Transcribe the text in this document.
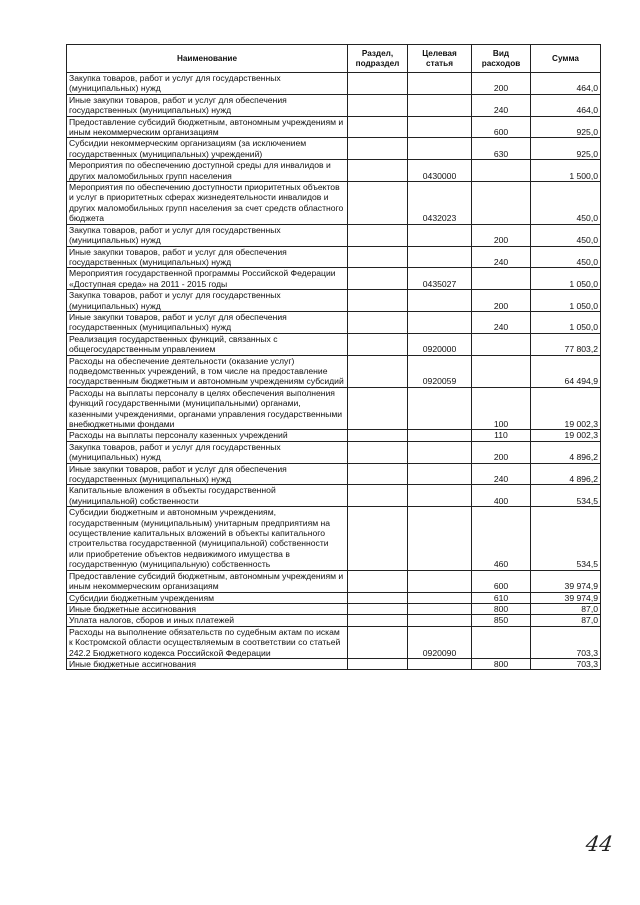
Наименование	Раздел, подраздел	Целевая статья	Вид расходов	Сумма
Закупка товаров, работ и услуг для государственных (муниципальных) нужд			200	464,0
Иные закупки товаров, работ и услуг для обеспечения государственных (муниципальных) нужд			240	464,0
Предоставление субсидий бюджетным, автономным учреждениям и иным некоммерческим организациям			600	925,0
Субсидии некоммерческим организациям (за исключением государственных (муниципальных) учреждений)			630	925,0
Мероприятия по обеспечению доступной среды для инвалидов и других маломобильных групп населения		0430000		1 500,0
Мероприятия по обеспечению доступности приоритетных объектов и услуг в приоритетных сферах жизнедеятельности инвалидов и других маломобильных групп населения за счет средств областного бюджета		0432023		450,0
Закупка товаров, работ и услуг для государственных (муниципальных) нужд			200	450,0
Иные закупки товаров, работ и услуг для обеспечения государственных (муниципальных) нужд			240	450,0
Мероприятия государственной программы Российской Федерации «Доступная среда» на 2011 - 2015 годы		0435027		1 050,0
Закупка товаров, работ и услуг для государственных (муниципальных) нужд			200	1 050,0
Иные закупки товаров, работ и услуг для обеспечения государственных (муниципальных) нужд			240	1 050,0
Реализация государственных функций, связанных с общегосударственным управлением		0920000		77 803,2
Расходы на обеспечение деятельности (оказание услуг) подведомственных учреждений, в том числе на предоставление государственным бюджетным и автономным учреждениям субсидий		0920059		64 494,9
Расходы на выплаты персоналу в целях обеспечения выполнения функций государственными (муниципальными) органами, казенными учреждениями, органами управления государственными внебюджетными фондами			100	19 002,3
Расходы на выплаты персоналу казенных учреждений			110	19 002,3
Закупка товаров, работ и услуг для государственных (муниципальных) нужд			200	4 896,2
Иные закупки товаров, работ и услуг для обеспечения государственных (муниципальных) нужд			240	4 896,2
Капитальные вложения в объекты государственной (муниципальной) собственности			400	534,5
Субсидии бюджетным и автономным учреждениям, государственным (муниципальным) унитарным предприятиям на осуществление капитальных вложений в объекты капитального строительства государственной (муниципальной) собственности или приобретение объектов недвижимого имущества в государственную (муниципальную) собственность			460	534,5
Предоставление субсидий бюджетным, автономным учреждениям и иным некоммерческим организациям			600	39 974,9
Субсидии бюджетным учреждениям			610	39 974,9
Иные бюджетные ассигнования			800	87,0
Уплата налогов, сборов и иных платежей			850	87,0
Расходы на выполнение обязательств по судебным актам по искам к Костромской области осуществляемым в соответствии со статьей 242.2 Бюджетного кодекса Российской Федерации		0920090		703,3
Иные бюджетные ассигнования			800	703,3
44
